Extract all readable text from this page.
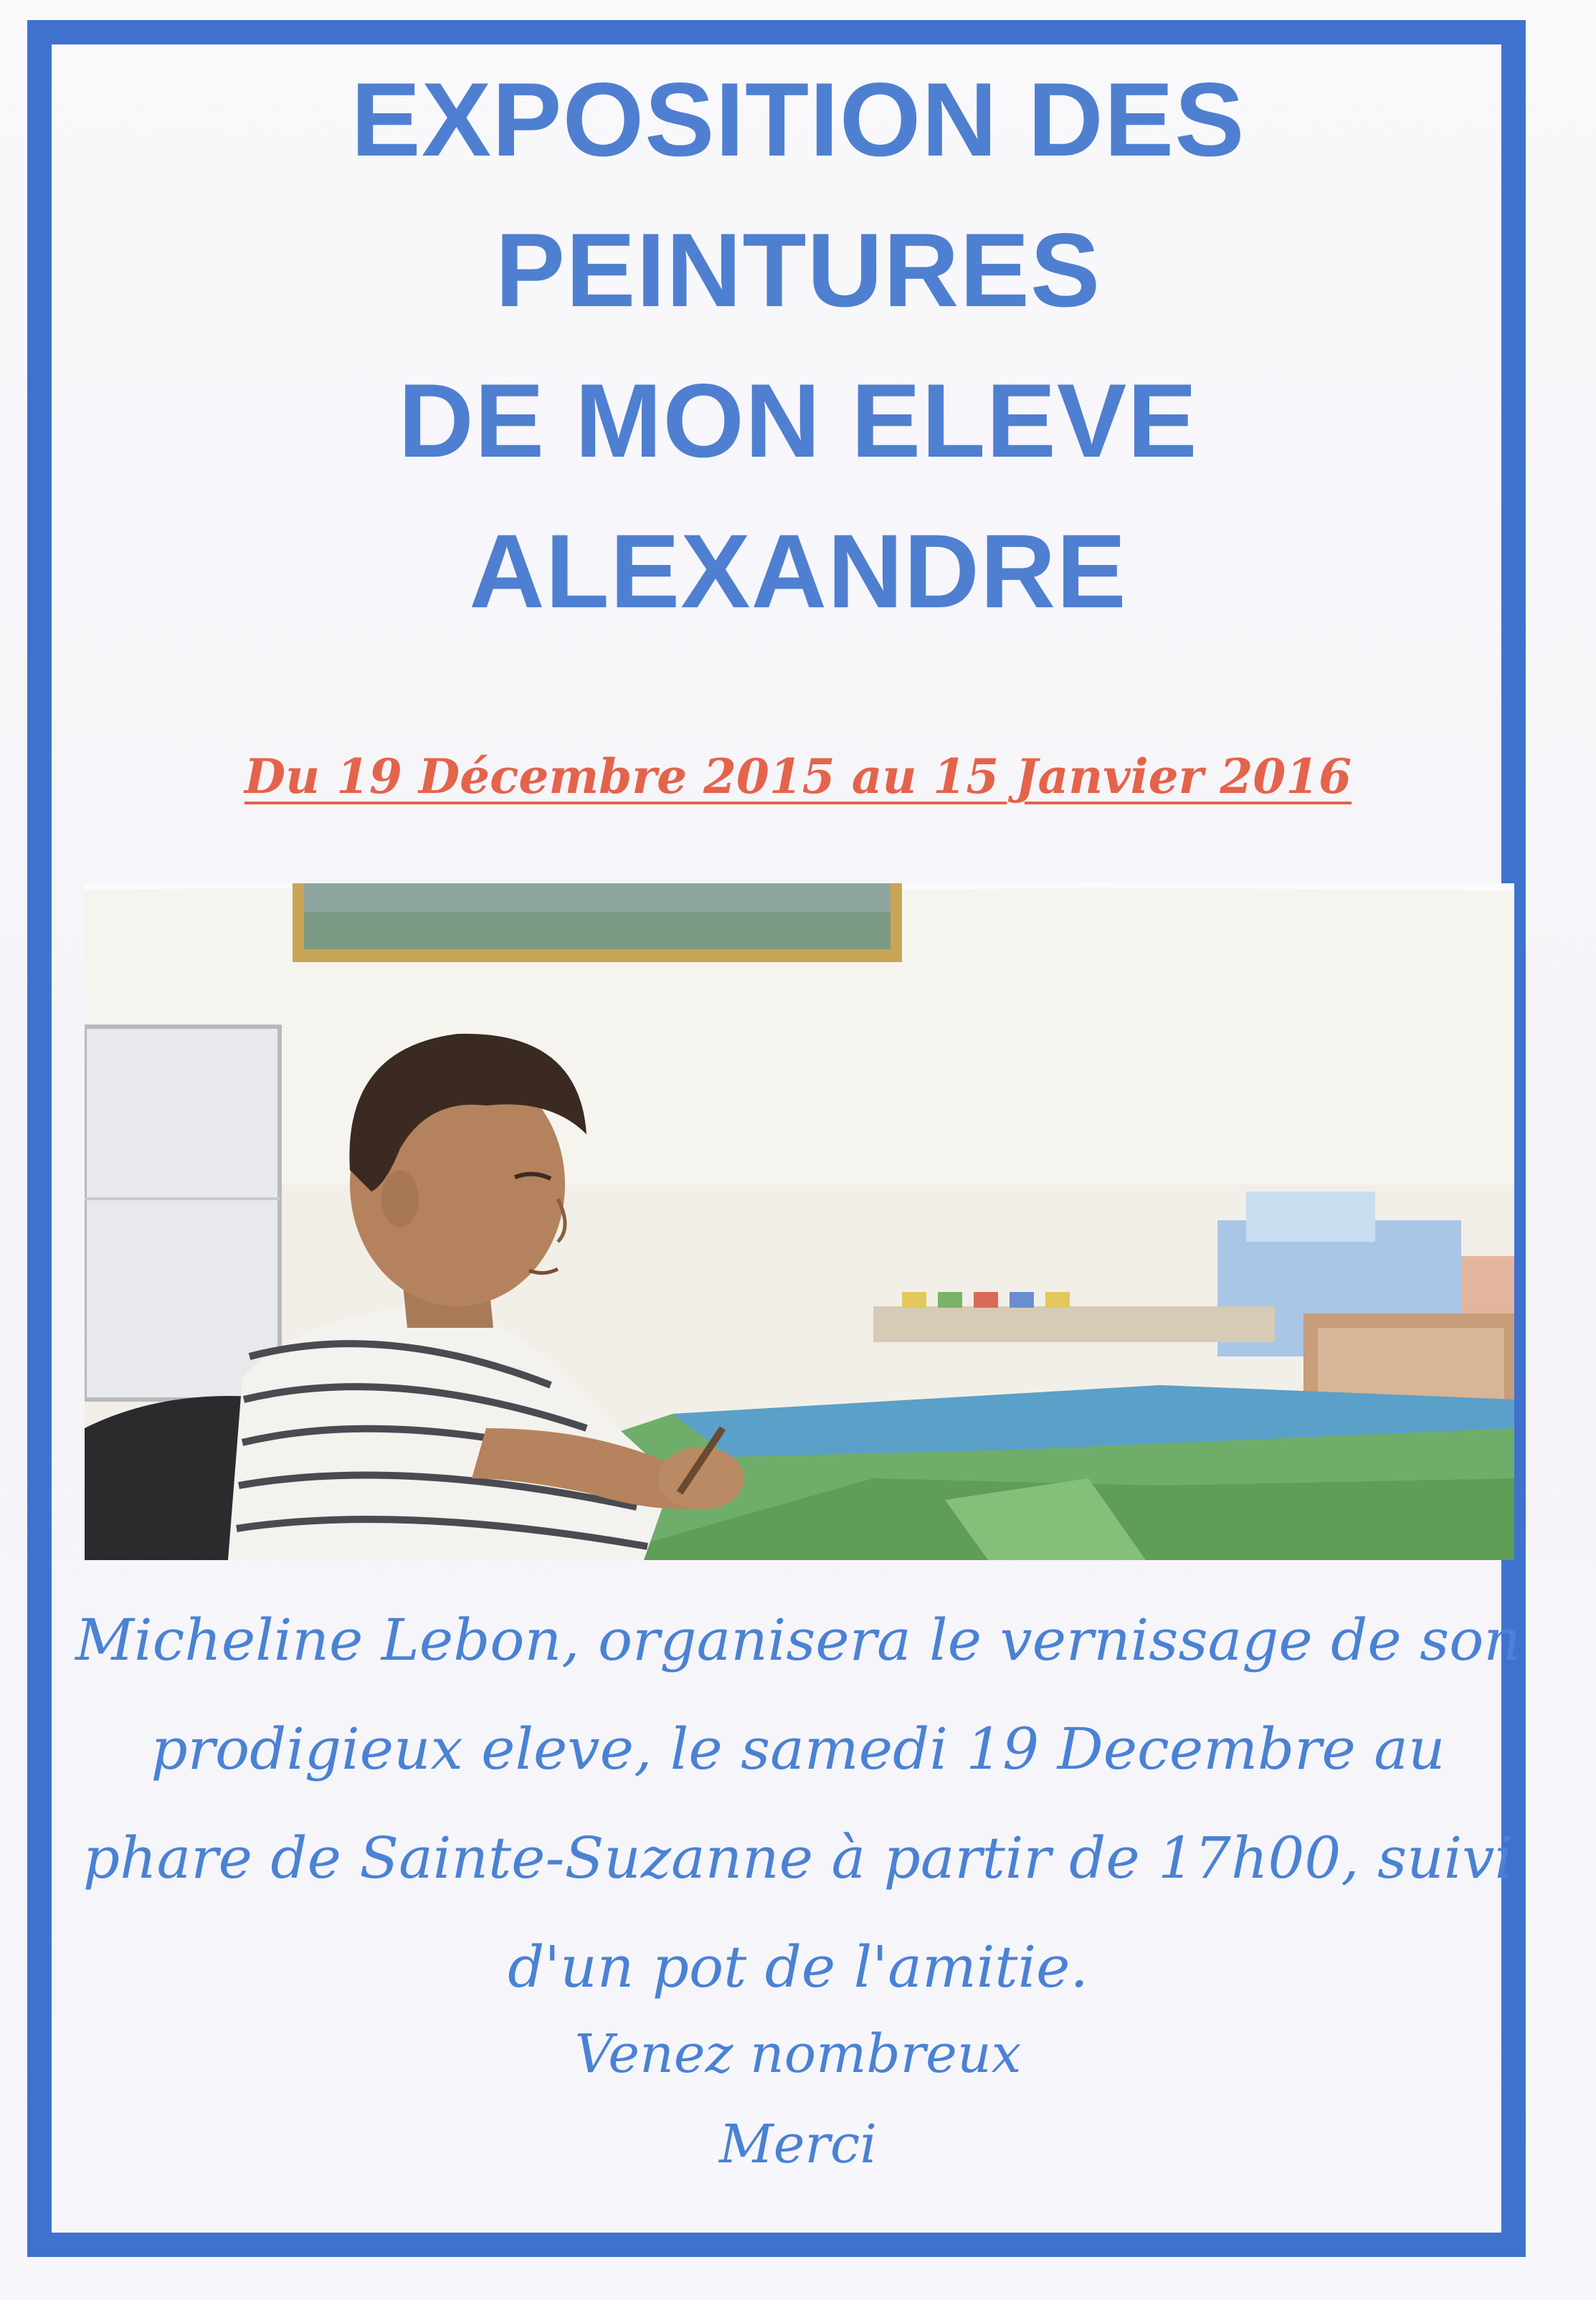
EXPOSITION DES
PEINTURES
DE MON ELEVE
ALEXANDRE
Du 19 Décembre 2015 au 15 Janvier 2016
Micheline Lebon, organisera le vernissage de son
prodigieux eleve, le samedi 19 Decembre au
phare de Sainte-Suzanne à partir de 17h00, suivi
d'un pot de l'amitie.
Venez nombreux
Merci
